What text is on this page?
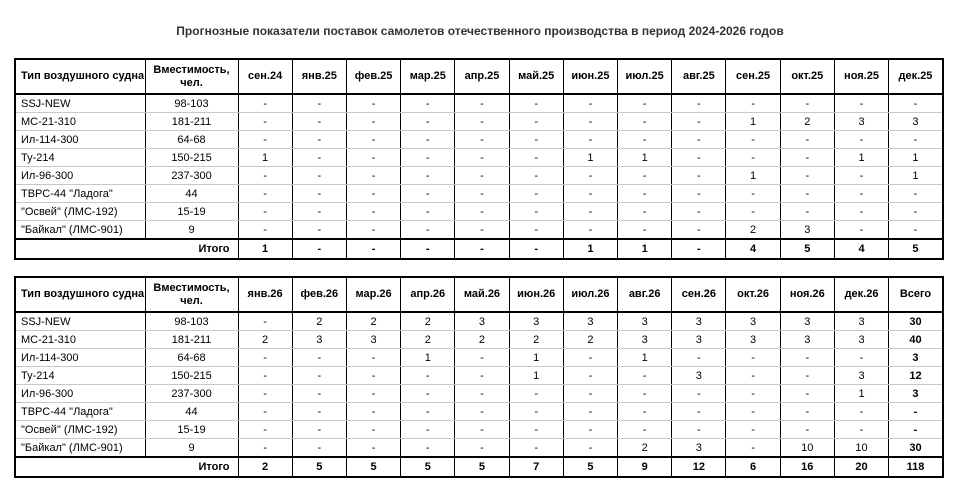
Прогнозные показатели поставок самолетов отечественного производства в период 2024-2026 годов
Тип воздушного судна	Вместимость, чел.	сен.24	янв.25	фев.25	мар.25	апр.25	май.25	июн.25	июл.25	авг.25	сен.25	окт.25	ноя.25	дек.25
SSJ-NEW	98-103	-	-	-	-	-	-	-	-	-	-	-	-	-
МС-21-310	181-211	-	-	-	-	-	-	-	-	-	1	2	3	3
Ил-114-300	64-68	-	-	-	-	-	-	-	-	-	-	-	-	-
Ту-214	150-215	1	-	-	-	-	-	1	1	-	-	-	1	1
Ил-96-300	237-300	-	-	-	-	-	-	-	-	-	1	-	-	1
ТВРС-44 "Ладога"	44	-	-	-	-	-	-	-	-	-	-	-	-	-
"Освей" (ЛМС-192)	15-19	-	-	-	-	-	-	-	-	-	-	-	-	-
"Байкал" (ЛМС-901)	9	-	-	-	-	-	-	-	-	-	2	3	-	-
Итого		1	-	-	-	-	-	1	1	-	4	5	4	5
Тип воздушного судна	Вместимость, чел.	янв.26	фев.26	мар.26	апр.26	май.26	июн.26	июл.26	авг.26	сен.26	окт.26	ноя.26	дек.26	Всего
SSJ-NEW	98-103	-	2	2	2	3	3	3	3	3	3	3	3	30
МС-21-310	181-211	2	3	3	2	2	2	2	3	3	3	3	3	40
Ил-114-300	64-68	-	-	-	1	-	1	-	1	-	-	-	-	3
Ту-214	150-215	-	-	-	-	-	1	-	-	3	-	-	3	12
Ил-96-300	237-300	-	-	-	-	-	-	-	-	-	-	-	1	3
ТВРС-44 "Ладога"	44	-	-	-	-	-	-	-	-	-	-	-	-	-
"Освей" (ЛМС-192)	15-19	-	-	-	-	-	-	-	-	-	-	-	-	-
"Байкал" (ЛМС-901)	9	-	-	-	-	-	-	-	2	3	-	10	10	30
Итого		2	5	5	5	5	7	5	9	12	6	16	20	118
